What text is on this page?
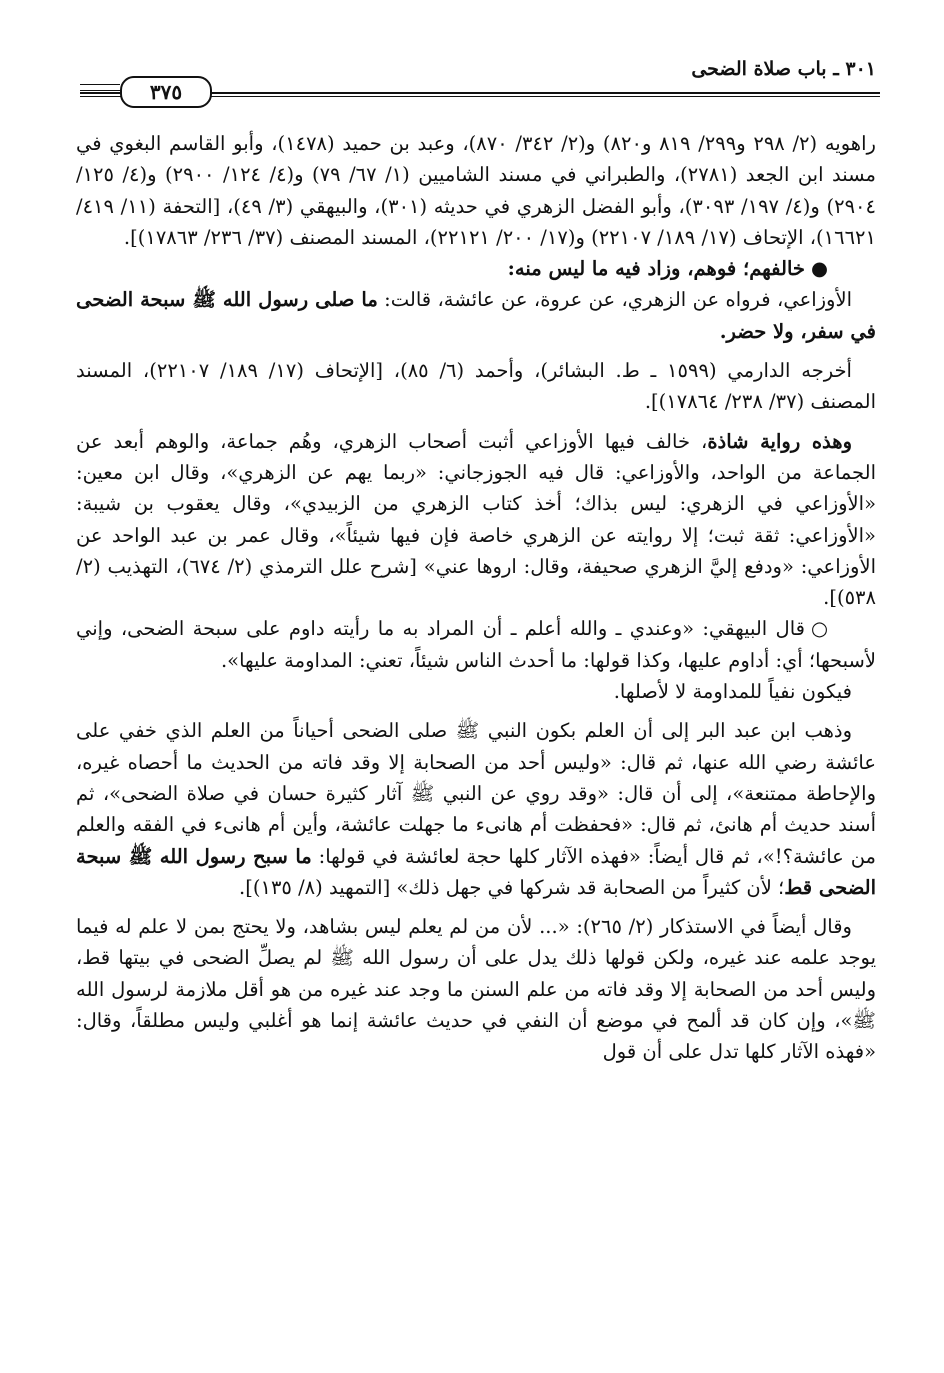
٣٠١ ـ باب صلاة الضحى
٣٧٥

راهويه (٢/ ٢٩٨ و٢٩٩/ ٨١٩ و٨٢٠) و(٢/ ٣٤٢/ ٨٧٠)، وعبد بن حميد (١٤٧٨)، وأبو القاسم البغوي في مسند ابن الجعد (٢٧٨١)، والطبراني في مسند الشاميين (١/ ٦٧/ ٧٩) و(٤/ ١٢٤/ ٢٩٠٠) و(٤/ ١٢٥/ ٢٩٠٤) و(٤/ ١٩٧/ ٣٠٩٣)، وأبو الفضل الزهري في حديثه (٣٠١)، والبيهقي (٣/ ٤٩)، [التحفة (١١/ ٤١٩/ ١٦٦٢١)، الإتحاف (١٧/ ١٨٩/ ٢٢١٠٧) و(١٧/ ٢٠٠/ ٢٢١٢١)، المسند المصنف (٣٧/ ٢٣٦/ ١٧٨٦٣)].

●خالفهم؛ فوهم، وزاد فيه ما ليس منه:

الأوزاعي، فرواه عن الزهري، عن عروة، عن عائشة، قالت: ما صلى رسول الله ﷺ سبحة الضحى في سفر، ولا حضر.

أخرجه الدارمي (١٥٩٩ ـ ط. البشائر)، وأحمد (٦/ ٨٥)، [الإتحاف (١٧/ ١٨٩/ ٢٢١٠٧)، المسند المصنف (٣٧/ ٢٣٨/ ١٧٨٦٤)].

وهذه رواية شاذة، خالف فيها الأوزاعي أثبت أصحاب الزهري، وهُم جماعة، والوهم أبعد عن الجماعة من الواحد، والأوزاعي: قال فيه الجوزجاني: «ربما يهم عن الزهري»، وقال ابن معين: «الأوزاعي في الزهري: ليس بذاك؛ أخذ كتاب الزهري من الزبيدي»، وقال يعقوب بن شيبة: «الأوزاعي: ثقة ثبت؛ إلا روايته عن الزهري خاصة فإن فيها شيئاً»، وقال عمر بن عبد الواحد عن الأوزاعي: «ودفع إليَّ الزهري صحيفة، وقال: اروها عني» [شرح علل الترمذي (٢/ ٦٧٤)، التهذيب (٢/ ٥٣٨)].

○قال البيهقي: «وعندي ـ والله أعلم ـ أن المراد به ما رأيته داوم على سبحة الضحى، وإني لأسبحها؛ أي: أداوم عليها، وكذا قولها: ما أحدث الناس شيئاً، تعني: المداومة عليها».

فيكون نفياً للمداومة لا لأصلها.

وذهب ابن عبد البر إلى أن العلم بكون النبي ﷺ صلى الضحى أحياناً من العلم الذي خفي على عائشة رضي الله عنها، ثم قال: «وليس أحد من الصحابة إلا وقد فاته من الحديث ما أحصاه غيره، والإحاطة ممتنعة»، إلى أن قال: «وقد روي عن النبي ﷺ آثار كثيرة حسان في صلاة الضحى»، ثم أسند حديث أم هانئ، ثم قال: «فحفظت أم هانىء ما جهلت عائشة، وأين أم هانىء في الفقه والعلم من عائشة؟!»، ثم قال أيضاً: «فهذه الآثار كلها حجة لعائشة في قولها: ما سبح رسول الله ﷺ سبحة الضحى قط؛ لأن كثيراً من الصحابة قد شركها في جهل ذلك» [التمهيد (٨/ ١٣٥)].

وقال أيضاً في الاستذكار (٢/ ٢٦٥): «... لأن من لم يعلم ليس بشاهد، ولا يحتج بمن لا علم له فيما يوجد علمه عند غيره، ولكن قولها ذلك يدل على أن رسول الله ﷺ لم يصلِّ الضحى في بيتها قط، وليس أحد من الصحابة إلا وقد فاته من علم السنن ما وجد عند غيره من هو أقل ملازمة لرسول الله ﷺ»، وإن كان قد ألمح في موضع أن النفي في حديث عائشة إنما هو أغلبي وليس مطلقاً، وقال: «فهذه الآثار كلها تدل على أن قول
